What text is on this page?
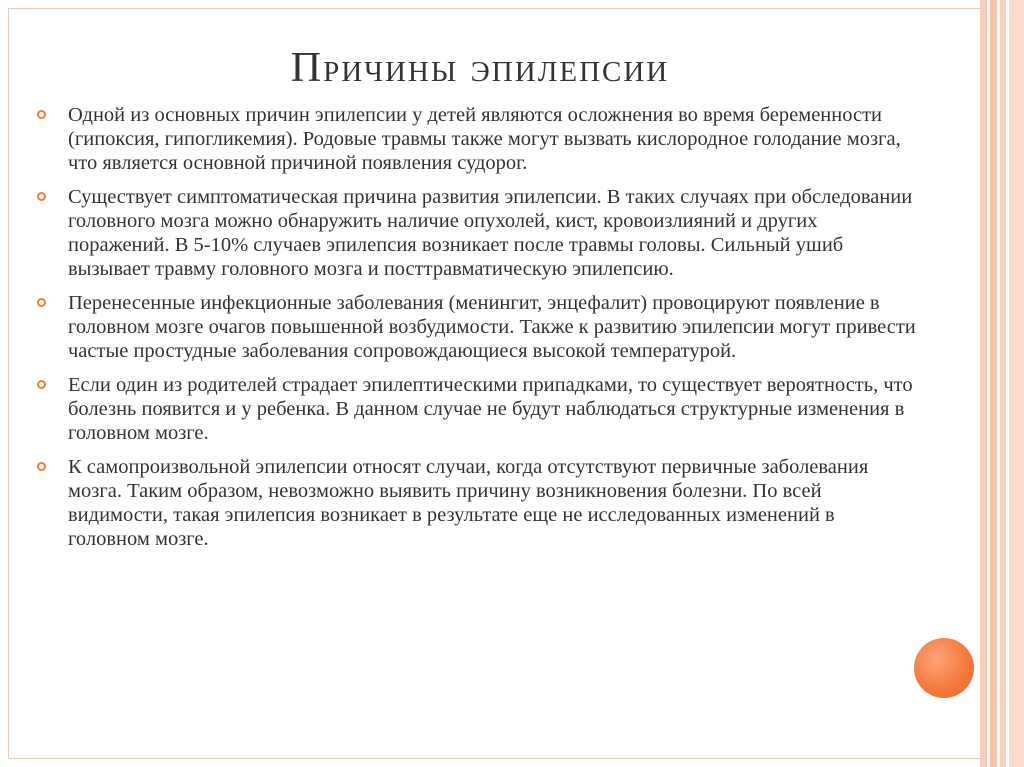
Причины эпилепсии
Одной из основных причин эпилепсии у детей являются осложнения во время беременности (гипоксия, гипогликемия). Родовые травмы также могут вызвать кислородное голодание мозга, что является основной причиной появления судорог.
Существует симптоматическая причина развития эпилепсии. В таких случаях при обследовании головного мозга можно обнаружить наличие опухолей, кист, кровоизлияний и других поражений. В 5-10% случаев эпилепсия возникает после травмы головы. Сильный ушиб вызывает травму головного мозга и посттравматическую эпилепсию.
Перенесенные инфекционные заболевания (менингит, энцефалит) провоцируют появление в головном мозге очагов повышенной возбудимости. Также к развитию эпилепсии могут привести частые простудные заболевания сопровождающиеся высокой температурой.
Если один из родителей страдает эпилептическими припадками, то существует вероятность, что болезнь появится и у ребенка. В данном случае не будут наблюдаться структурные изменения в головном мозге.
К самопроизвольной эпилепсии относят случаи, когда отсутствуют первичные заболевания мозга. Таким образом, невозможно выявить причину возникновения болезни. По всей видимости, такая эпилепсия возникает в результате еще не исследованных изменений в головном мозге.
